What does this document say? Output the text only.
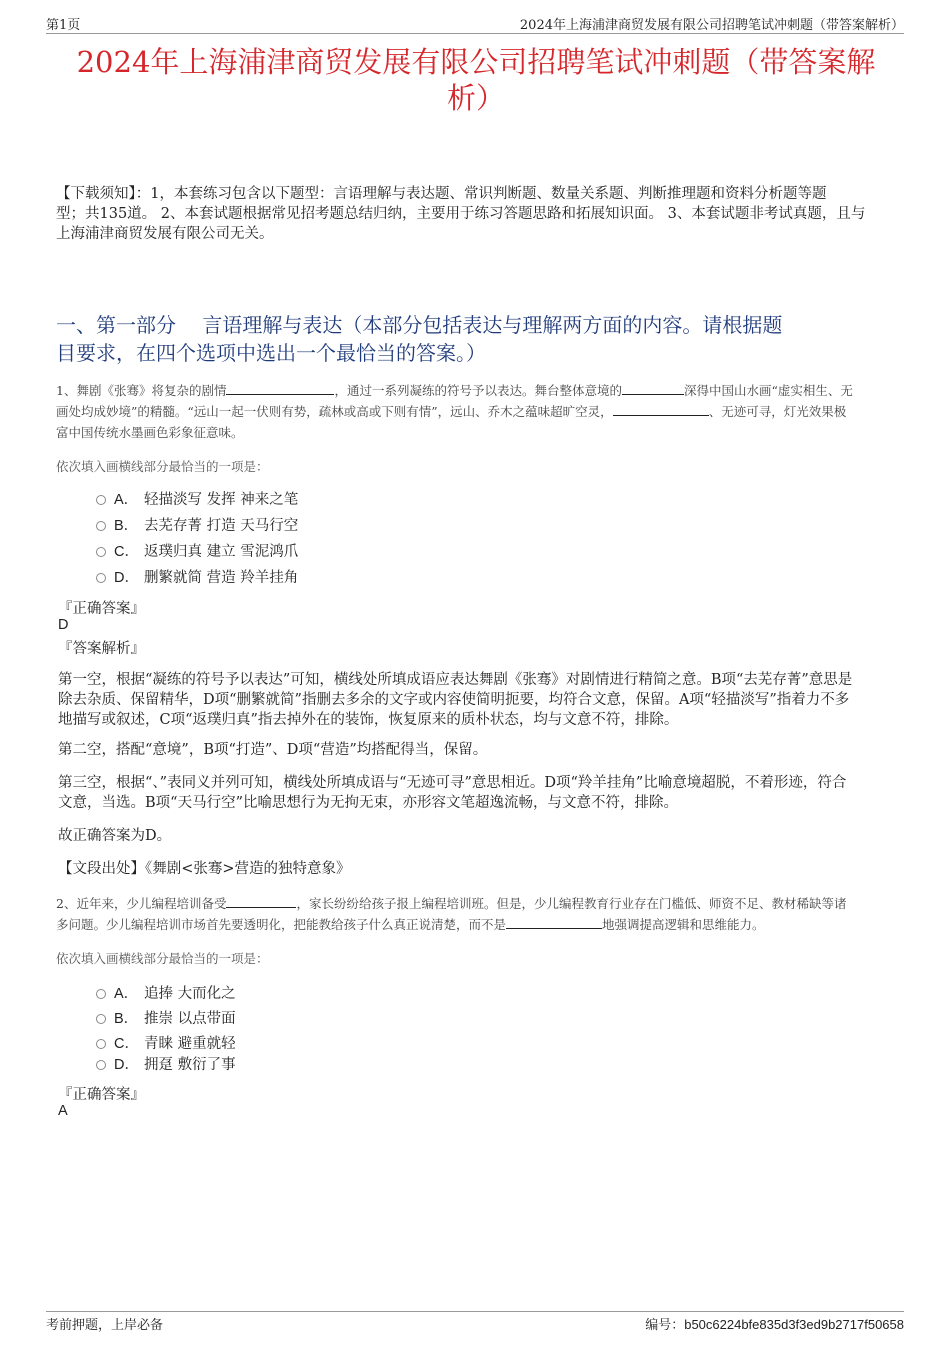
第1页	2024年上海浦津商贸发展有限公司招聘笔试冲刺题（带答案解析）
2024年上海浦津商贸发展有限公司招聘笔试冲刺题（带答案解
析）
【下载须知】：1，本套练习包含以下题型：言语理解与表达题、常识判断题、数量关系题、判断推理题和资料分析题等题
型；共135道。 2、本套试题根据常见招考题总结归纳，主要用于练习答题思路和拓展知识面。 3、本套试题非考试真题，且与
上海浦津商贸发展有限公司无关。
一、第一部分　 言语理解与表达（本部分包括表达与理解两方面的内容。请根据题
目要求，在四个选项中选出一个最恰当的答案。）
1、舞剧《张骞》将复杂的剧情	，通过一系列凝练的符号予以表达。舞台整体意境的	深得中国山水画“虚实相生、无
画处均成妙境”的精髓。“远山一起一伏则有势，疏林或高或下则有情”，远山、乔木之蕴味超旷空灵，	、无迹可寻，灯光效果极
富中国传统水墨画色彩象征意味。
依次填入画横线部分最恰当的一项是：
A． 轻描淡写 发挥 神来之笔
B． 去芜存菁 打造 天马行空
C． 返璞归真 建立 雪泥鸿爪
D． 删繁就简 营造 羚羊挂角
『正确答案』
D
『答案解析』
第一空，根据“凝练的符号予以表达”可知，横线处所填成语应表达舞剧《张骞》对剧情进行精简之意。B项“去芜存菁”意思是
除去杂质、保留精华，D项“删繁就简”指删去多余的文字或内容使简明扼要，均符合文意，保留。A项“轻描淡写”指着力不多
地描写或叙述，C项“返璞归真”指去掉外在的装饰，恢复原来的质朴状态，均与文意不符，排除。
第二空，搭配“意境”，B项“打造”、D项“营造”均搭配得当，保留。
第三空，根据“、”表同义并列可知，横线处所填成语与“无迹可寻”意思相近。D项“羚羊挂角”比喻意境超脱，不着形迹，符合
文意，当选。B项“天马行空”比喻思想行为无拘无束，亦形容文笔超逸流畅，与文意不符，排除。
故正确答案为D。
【文段出处】《舞剧<张骞>营造的独特意象》
2、近年来，少儿编程培训备受	，家长纷纷给孩子报上编程培训班。但是，少儿编程教育行业存在门槛低、师资不足、教材稀缺等诸
多问题。少儿编程培训市场首先要透明化，把能教给孩子什么真正说清楚，而不是	地强调提高逻辑和思维能力。
依次填入画横线部分最恰当的一项是：
A． 追捧 大而化之
B． 推崇 以点带面
C． 青睐 避重就轻
D． 拥趸 敷衍了事
『正确答案』
A
考前押题，上岸必备	编号：b50c6224bfe835d3f3ed9b2717f50658
